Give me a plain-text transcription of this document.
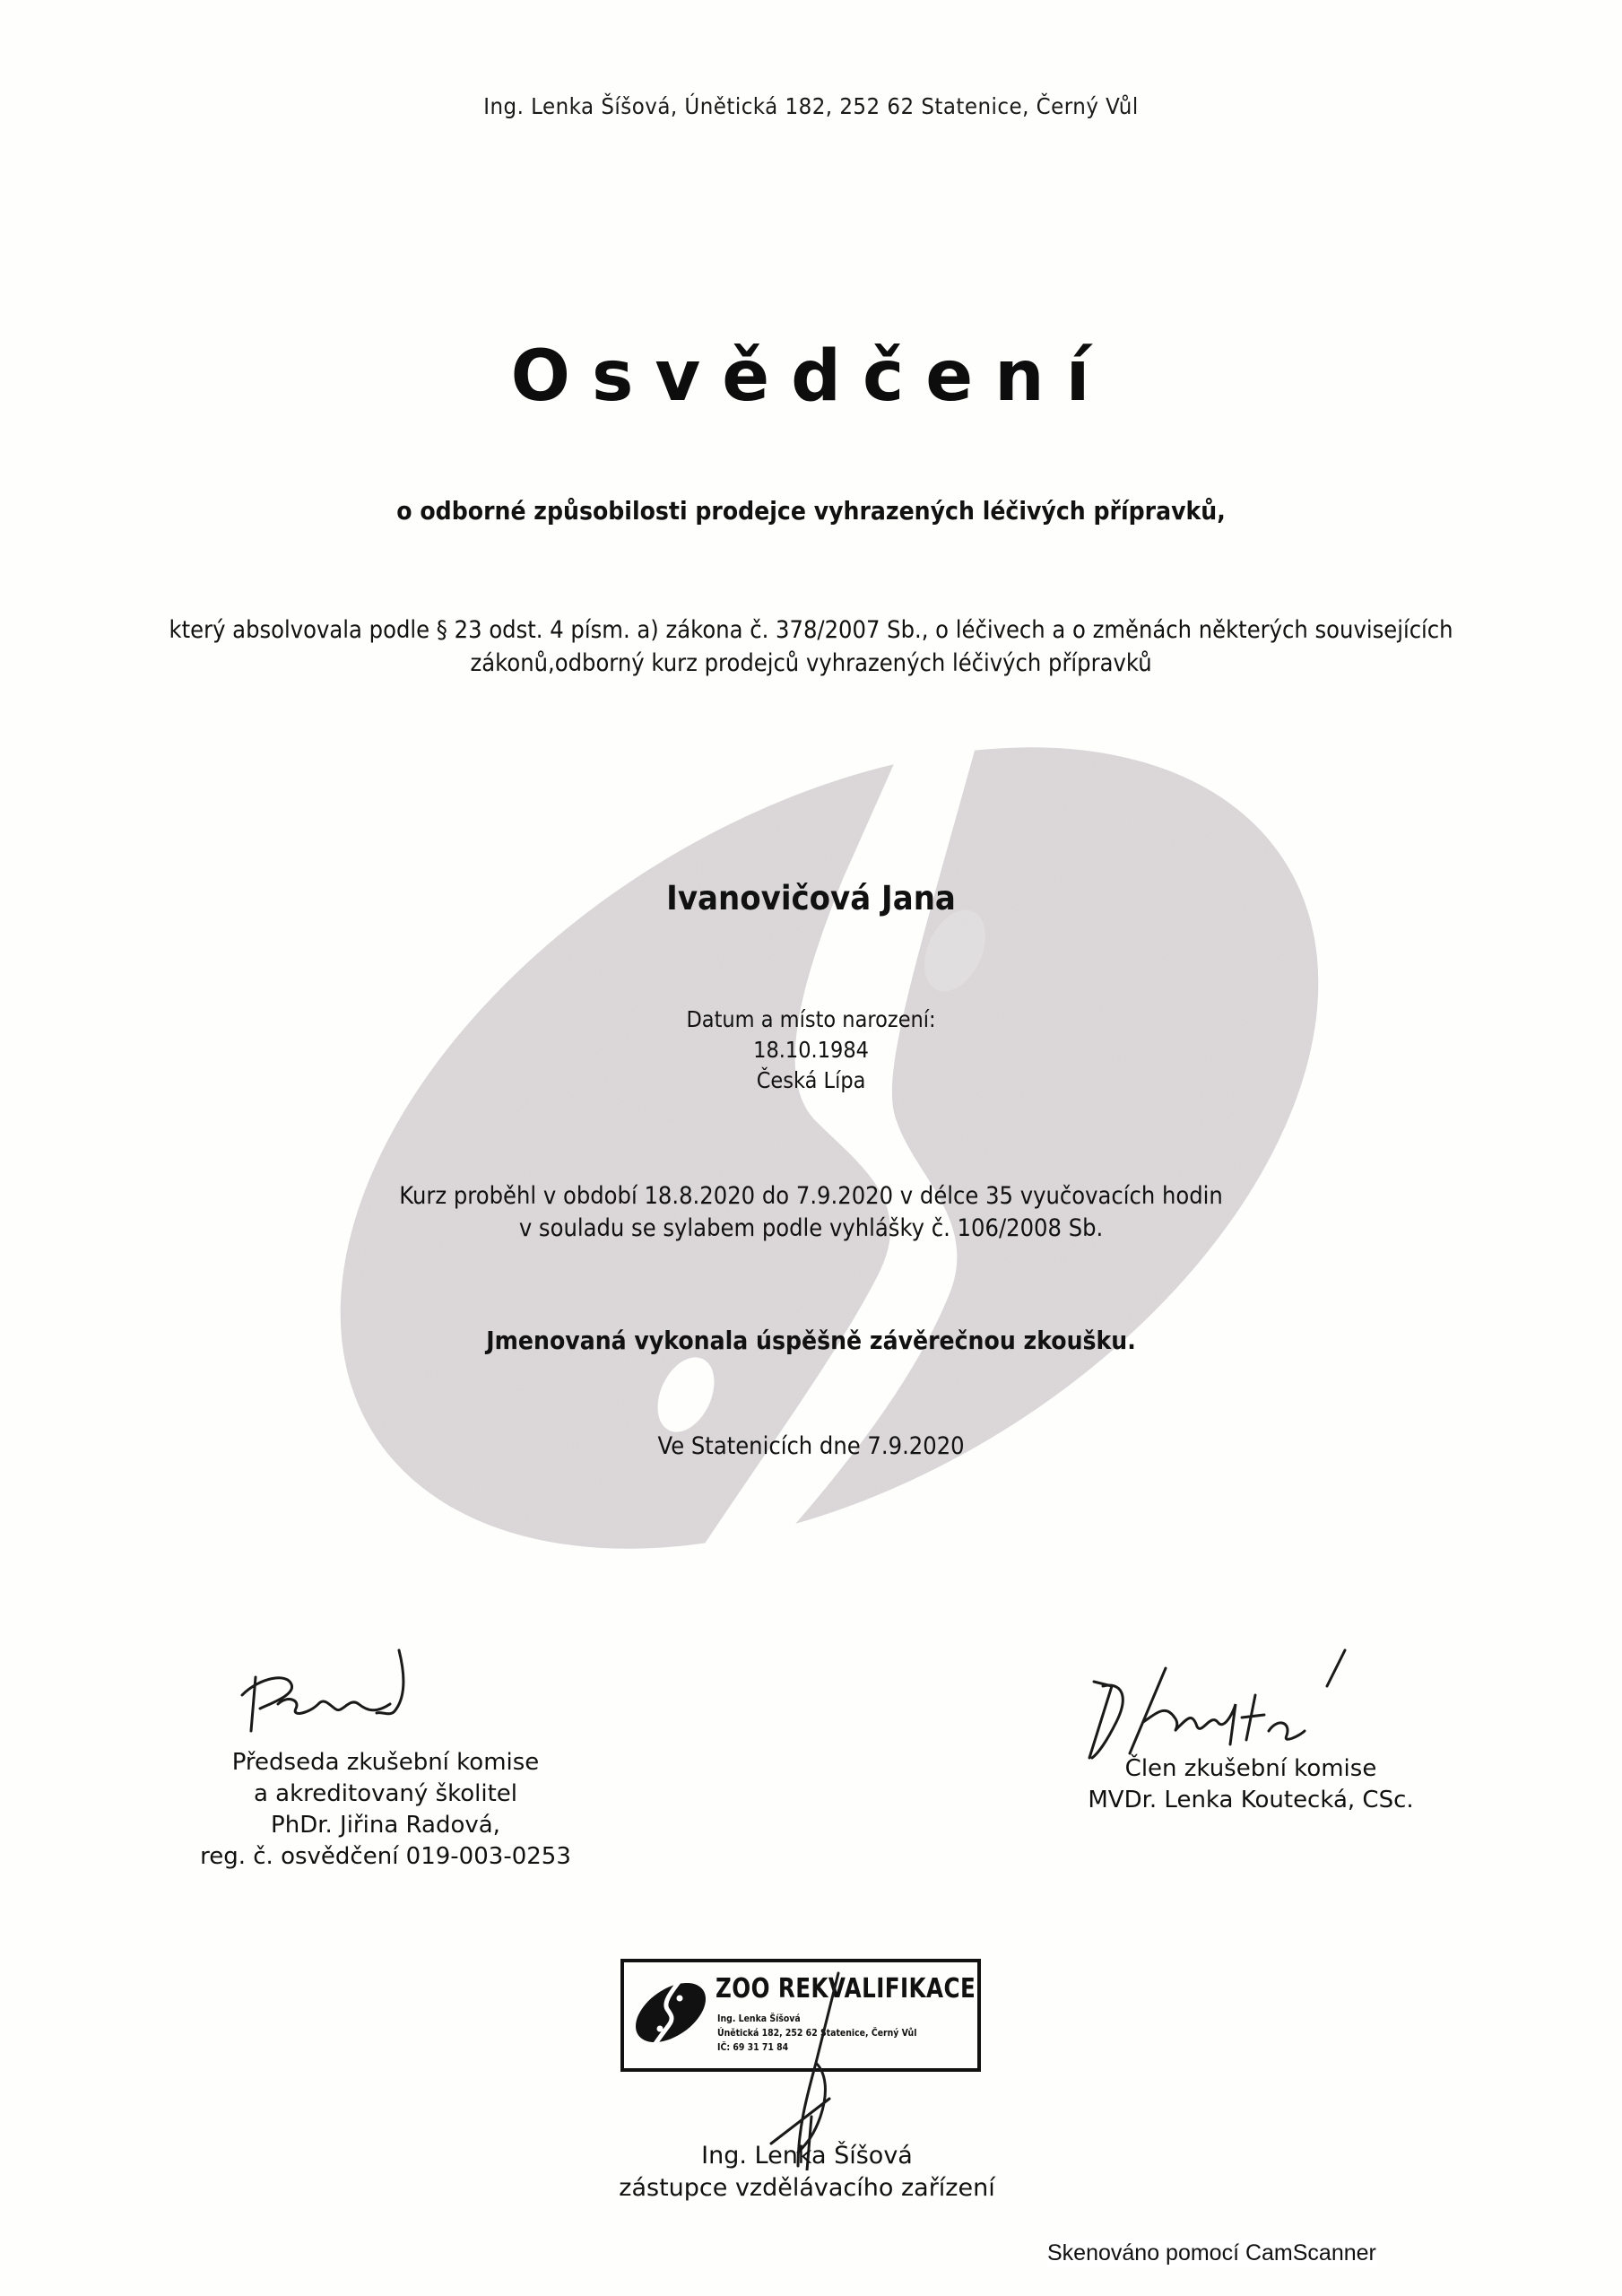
Ing. Lenka Šíšová, Únětická 182, 252 62 Statenice, Černý Vůl
Osvědčení
o odborné způsobilosti prodejce vyhrazených léčivých přípravků,
který absolvovala podle § 23 odst. 4 písm. a) zákona č. 378/2007 Sb., o léčivech a o změnách některých souvisejících
zákonů,odborný kurz prodejců vyhrazených léčivých přípravků
Ivanovičová Jana
Datum a místo narození:
18.10.1984
Česká Lípa
Kurz proběhl v období 18.8.2020 do 7.9.2020 v délce 35 vyučovacích hodin
v souladu se sylabem podle vyhlášky č. 106/2008 Sb.
Jmenovaná vykonala úspěšně závěrečnou zkoušku.
Ve Statenicích dne 7.9.2020
Předseda zkušební komise
a akreditovaný školitel
PhDr. Jiřina Radová,
reg. č. osvědčení 019-003-0253
Člen zkušební komise
MVDr. Lenka Koutecká, CSc.
ZOO REKVALIFIKACE
Ing. Lenka Šíšová
Únětická 182, 252 62 Statenice, Černý Vůl
IČ: 69 31 71 84
Ing. Lenka Šíšová
zástupce vzdělávacího zařízení
Skenováno pomocí CamScanner
